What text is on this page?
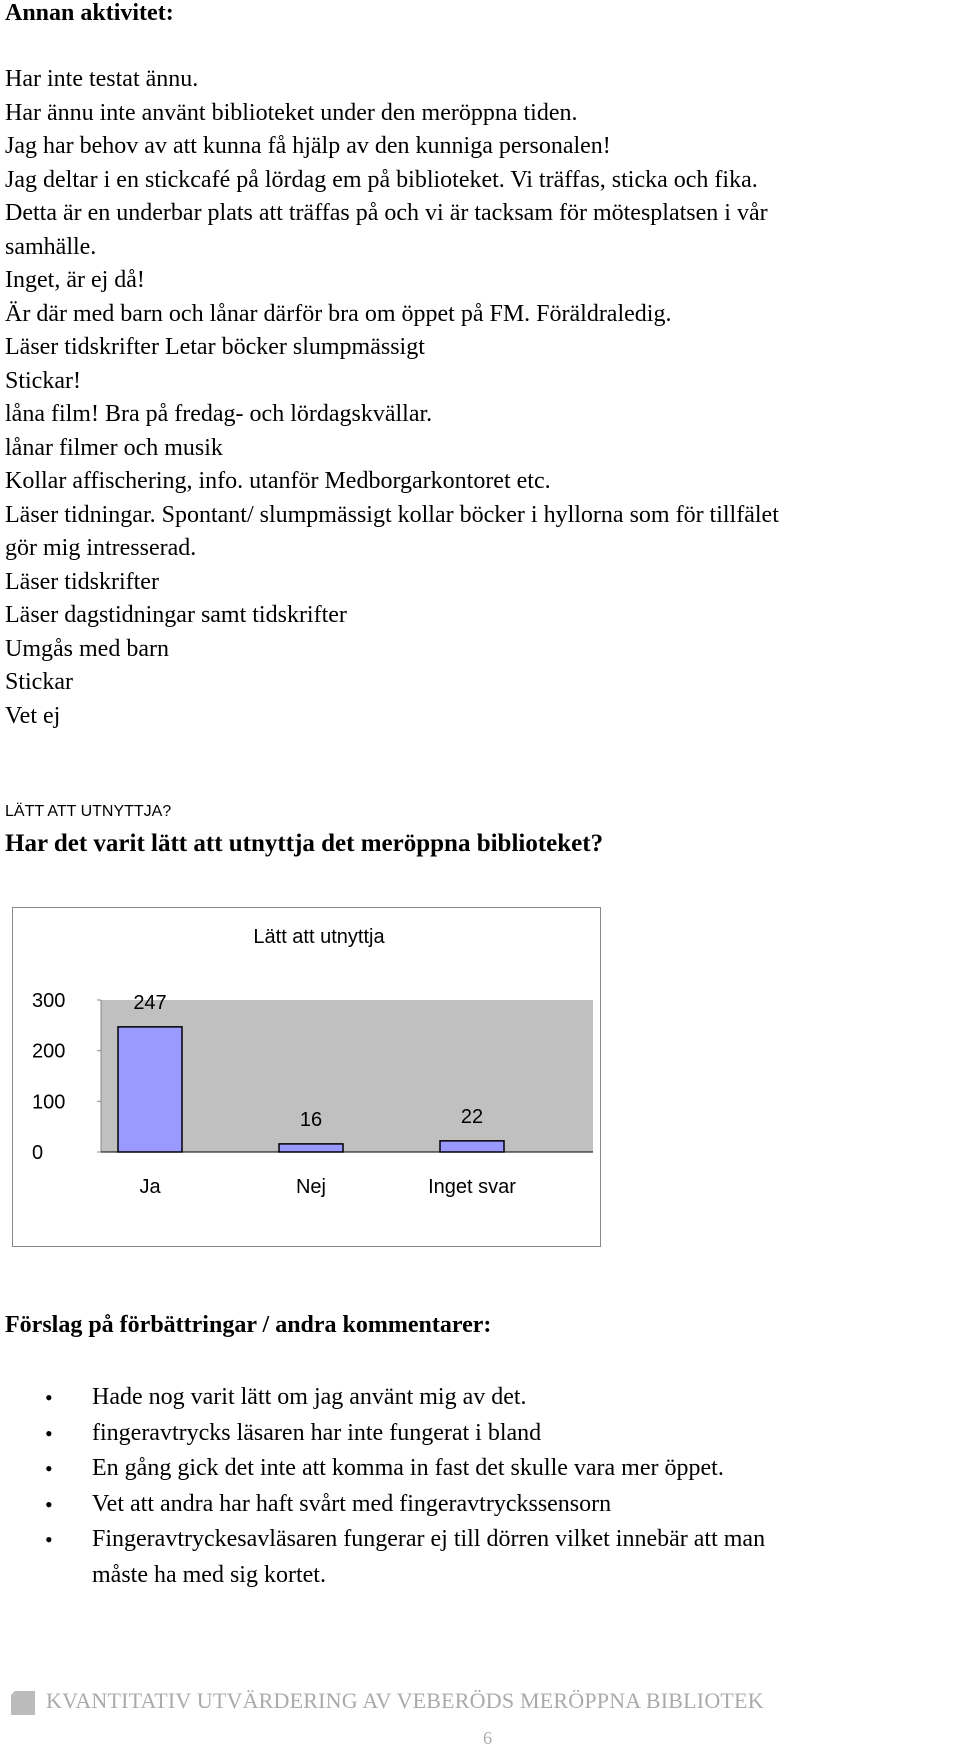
Annan aktivitet:
Har inte testat ännu.
Har ännu inte använt biblioteket under den meröppna tiden.
Jag har behov av att kunna få hjälp av den kunniga personalen!
Jag deltar i en stickcafé på lördag em på biblioteket. Vi träffas, sticka och fika.
Detta är en underbar plats att träffas på och vi är tacksam för mötesplatsen i vår
samhälle.
Inget, är ej då!
Är där med barn och lånar därför bra om öppet på FM. Föräldraledig.
Läser tidskrifter Letar böcker slumpmässigt
Stickar!
låna film! Bra på fredag- och lördagskvällar.
lånar filmer och musik
Kollar affischering, info. utanför Medborgarkontoret etc.
Läser tidningar. Spontant/ slumpmässigt kollar böcker i hyllorna som för tillfälet
gör mig intresserad.
Läser tidskrifter
Läser dagstidningar samt tidskrifter
Umgås med barn
Stickar
Vet ej
LÄTT ATT UTNYTTJA?
Har det varit lätt att utnyttja det meröppna biblioteket?
Lätt att utnyttja
300
200
100
0
247
Ja
16
Nej
22
Inget svar
Förslag på förbättringar / andra kommentarer:
• Hade nog varit lätt om jag använt mig av det.
• fingeravtrycks läsaren har inte fungerat i bland
• En gång gick det inte att komma in fast det skulle vara mer öppet.
• Vet att andra har haft svårt med fingeravtryckssensorn
• Fingeravtryckesavläsaren fungerar ej till dörren vilket innebär att man
måste ha med sig kortet.
KVANTITATIV UTVÄRDERING AV VEBERÖDS MERÖPPNA BIBLIOTEK
6
